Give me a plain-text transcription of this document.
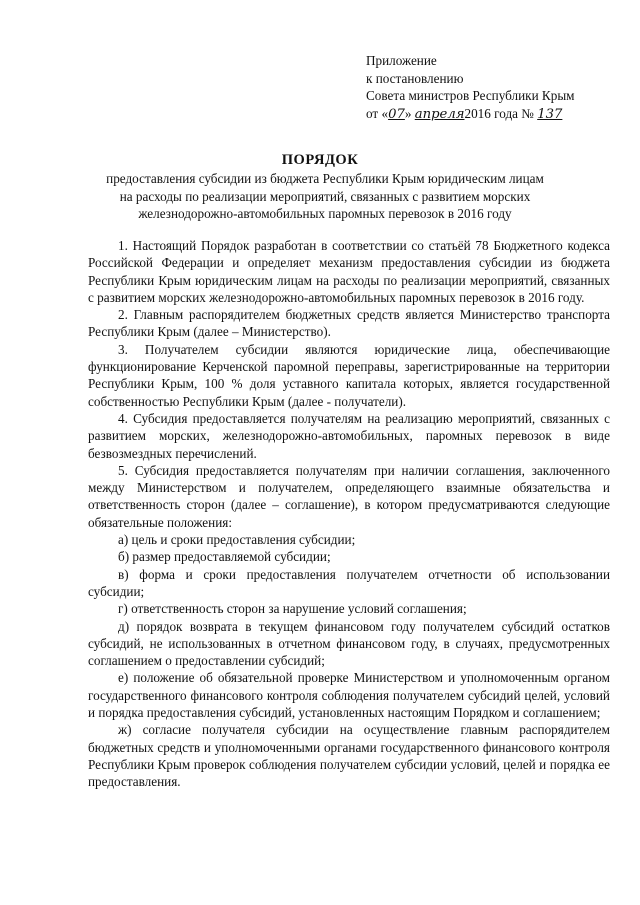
Приложение
к постановлению
Совета министров Республики Крым
от «07» апреля2016 года № 137
ПОРЯДОК
предоставления субсидии из бюджета Республики Крым юридическим лицам на расходы по реализации мероприятий, связанных с развитием морских железнодорожно-автомобильных паромных перевозок в 2016 году

1. Настоящий Порядок разработан в соответствии со статьёй 78 Бюджетного кодекса Российской Федерации и определяет механизм предоставления субсидии из бюджета Республики Крым юридическим лицам на расходы по реализации мероприятий, связанных с развитием морских железнодорожно-автомобильных паромных перевозок в 2016 году.

2. Главным распорядителем бюджетных средств является Министерство транспорта Республики Крым (далее – Министерство).

3. Получателем субсидии являются юридические лица, обеспечивающие функционирование Керченской паромной переправы, зарегистрированные на территории Республики Крым, 100 % доля уставного капитала которых, является государственной собственностью Республики Крым (далее - получатели).

4. Субсидия предоставляется получателям на реализацию мероприятий, связанных с развитием морских, железнодорожно-автомобильных, паромных перевозок в виде безвозмездных перечислений.

5. Субсидия предоставляется получателям при наличии соглашения, заключенного между Министерством и получателем, определяющего взаимные обязательства и ответственность сторон (далее – соглашение), в котором предусматриваются следующие обязательные положения:

а) цель и сроки предоставления субсидии;

б) размер предоставляемой субсидии;

в) форма и сроки предоставления получателем отчетности об использовании субсидии;

г) ответственность сторон за нарушение условий соглашения;

д) порядок возврата в текущем финансовом году получателем субсидий остатков субсидий, не использованных в отчетном финансовом году, в случаях, предусмотренных соглашением о предоставлении субсидий;

е) положение об обязательной проверке Министерством и уполномоченным органом государственного финансового контроля соблюдения получателем субсидий целей, условий и порядка предоставления субсидий, установленных настоящим Порядком и соглашением;

ж) согласие получателя субсидии на осуществление главным распорядителем бюджетных средств и уполномоченными органами государственного финансового контроля Республики Крым проверок соблюдения получателем субсидии условий, целей и порядка ее предоставления.
